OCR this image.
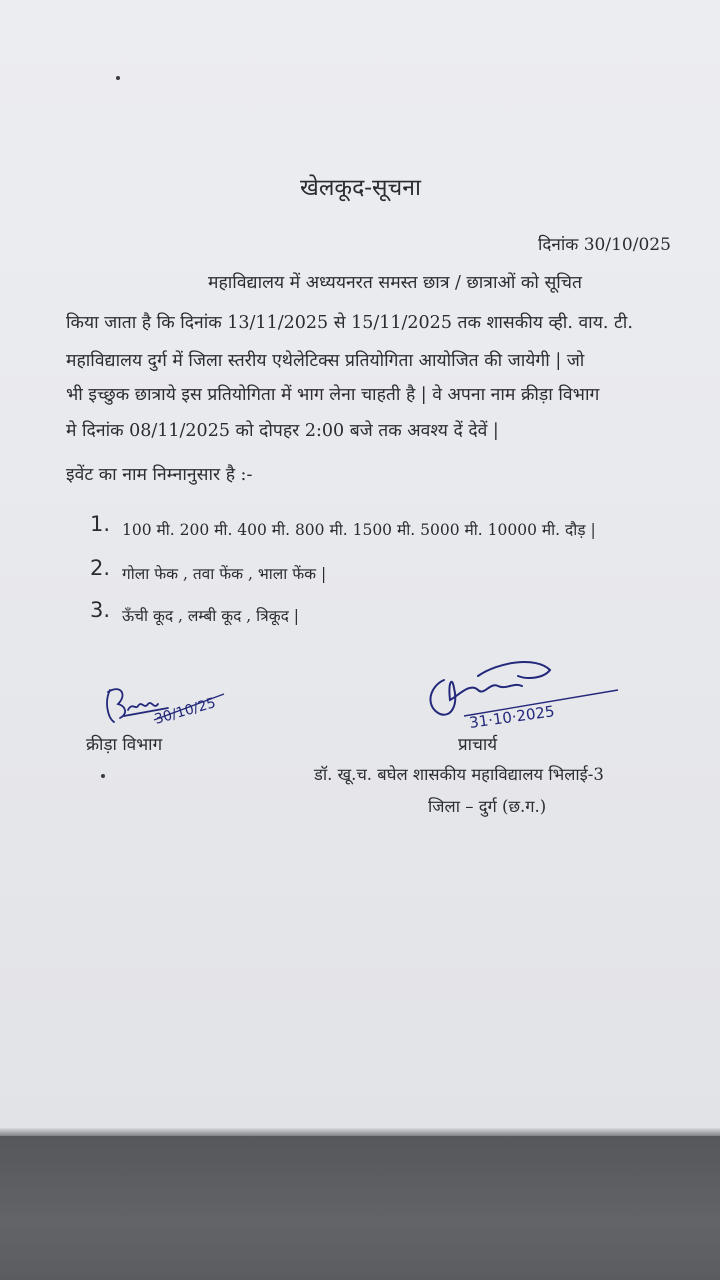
खेलकूद-सूचना
दिनांक 30/10/025
महाविद्यालय में अध्ययनरत समस्त छात्र / छात्राओं को सूचित
किया जाता है कि दिनांक 13/11/2025 से 15/11/2025 तक शासकीय व्ही. वाय. टी.
महाविद्यालय दुर्ग में जिला स्तरीय एथेलेटिक्स प्रतियोगिता आयोजित की जायेगी | जो
भी इच्छुक छात्राये इस प्रतियोगिता में भाग लेना चाहती है | वे अपना नाम क्रीड़ा विभाग
मे दिनांक 08/11/2025 को दोपहर 2:00 बजे तक अवश्य दें देवें |
इवेंट का नाम निम्नानुसार है :-
1. 100 मी. 200 मी. 400 मी. 800 मी. 1500 मी. 5000 मी. 10000 मी. दौड़ |
2. गोला फेक , तवा फेंक , भाला फेंक |
3. ऊँची कूद , लम्बी कूद , त्रिकूद |
30/10/25
क्रीड़ा विभाग
31·10·2025
प्राचार्य
डॉ. खू.च. बघेल शासकीय महाविद्यालय भिलाई-3
जिला – दुर्ग (छ.ग.)
